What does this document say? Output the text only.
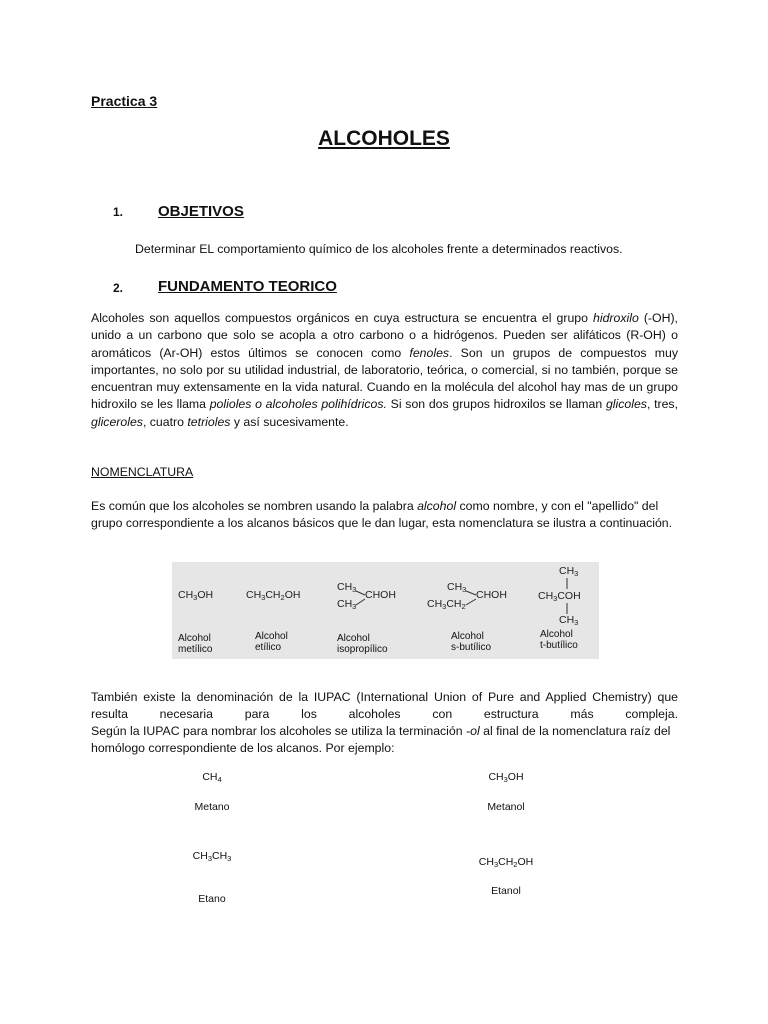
Practica 3
ALCOHOLES
1. OBJETIVOS
Determinar EL comportamiento químico de los alcoholes frente a determinados reactivos.
2. FUNDAMENTO TEORICO

Alcoholes son aquellos compuestos orgánicos en cuya estructura se encuentra el grupo hidroxilo (-OH), unido a un carbono que solo se acopla a otro carbono o a hidrógenos. Pueden ser alifáticos (R-OH) o aromáticos (Ar-OH) estos últimos se conocen como fenoles. Son un grupos de compuestos muy importantes, no solo por su utilidad industrial, de laboratorio, teórica, o comercial, si no también, porque se encuentran muy extensamente en la vida natural. Cuando en la molécula del alcohol hay mas de un grupo hidroxilo se les llama polioles o alcoholes polihídricos. Si son dos grupos hidroxilos se llaman glicoles, tres, gliceroles, cuatro tetrioles y así sucesivamente.

NOMENCLATURA

Es común que los alcoholes se nombren usando la palabra alcohol como nombre, y con el "apellido" del grupo correspondiente a los alcanos básicos que le dan lugar, esta nomenclatura se ilustra a continuación.

$CH_3OH$	$CH_3CH_2OH$
$CH_3$
$CH_3$
CHOH
$CH_3$
$CH_3CH_2$
CHOH
$CH_3$
$CH_3COH$
$CH_3$
Alcohol
metílico
Alcohol
etílico
Alcohol
isopropílico
Alcohol
s-butílico
Alcohol
t-butílico
También existe la denominación de la IUPAC (International Union of Pure and Applied Chemistry) que
resulta necesaria para los alcoholes con estructura más compleja.

Según la IUPAC para nombrar los alcoholes se utiliza la terminación -ol al final de la nomenclatura raíz del homólogo correspondiente de los alcanos. Por ejemplo:

$CH_4$
Metano
$CH_3OH$
Metanol
$CH_3CH_3$
Etano
$CH_3CH_2OH$
Etanol
